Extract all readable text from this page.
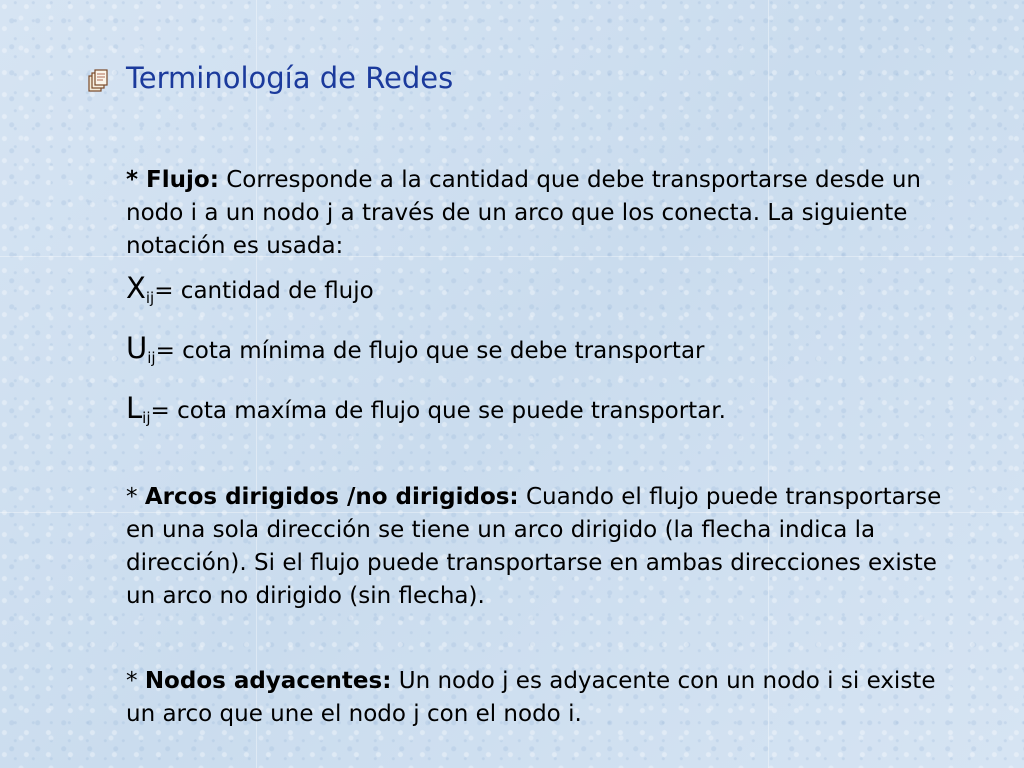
Terminología de Redes

* Flujo: Corresponde a la cantidad que debe transportarse desde un nodo i a un nodo j a través de un arco que los conecta. La siguiente notación es usada:

$X_{ij}=$ cantidad de flujo

$U_{ij}= \cot a$ mínima de flujo que se debe transportar

$L_{ij}= \cot a$ maxíma de flujo que se puede transportar.

* Arcos dirigidos /no dirigidos: Cuando el flujo puede transportarse en una sola dirección se tiene un arco dirigido (la flecha indica la dirección). Si el flujo puede transportarse en ambas direcciones existe un arco no dirigido (sin flecha).

* Nodos adyacentes: Un nodo j es adyacente con un nodo i si existe un arco que une el nodo j con el nodo i.
